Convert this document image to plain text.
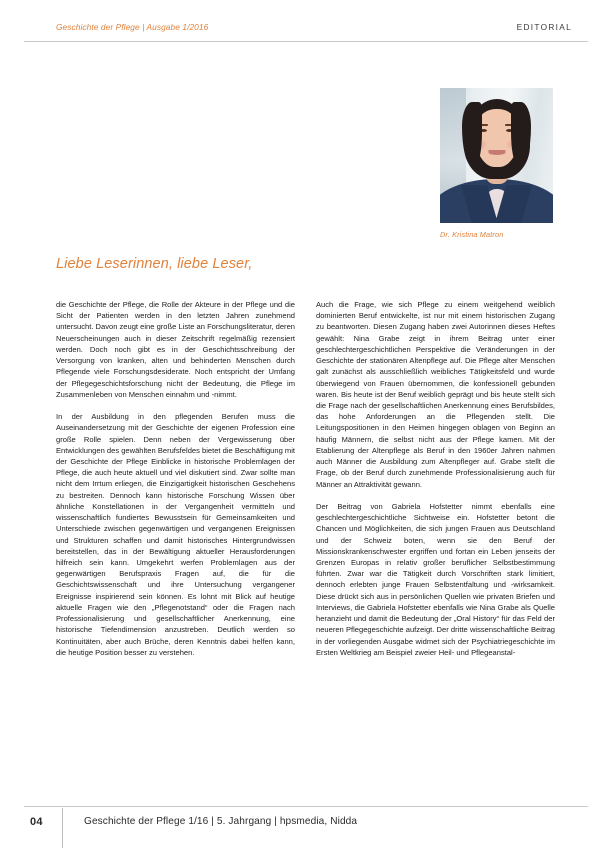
Geschichte der Pflege | Ausgabe 1/2016	EDITORIAL
Dr. Kristina Matron
Liebe Leserinnen, liebe Leser,

die Geschichte der Pflege, die Rolle der Akteure in der Pflege und die Sicht der Patienten werden in den letzten Jahren zunehmend untersucht. Davon zeugt eine große Liste an Forschungsliteratur, deren Neuerscheinungen auch in dieser Zeitschrift regelmäßig rezensiert werden. Doch noch gibt es in der Geschichtsschreibung der Versorgung von kranken, alten und behinderten Menschen durch Pflegende viele Forschungsdesiderate. Noch entspricht der Umfang der Pflegegeschichtsforschung nicht der Bedeutung, die Pflege im Zusammenleben von Menschen einnahm und -nimmt.

In der Ausbildung in den pflegenden Berufen muss die Auseinandersetzung mit der Geschichte der eigenen Profession eine große Rolle spielen. Denn neben der Vergewisserung über Entwicklungen des gewählten Berufsfeldes bietet die Beschäftigung mit der Geschichte der Pflege Einblicke in historische Problemlagen der Pflege, die auch heute aktuell und viel diskutiert sind. Zwar sollte man nicht dem Irrtum erliegen, die Einzigartigkeit historischen Geschehens zu bestreiten. Dennoch kann historische Forschung Wissen über ähnliche Konstellationen in der Vergangenheit vermitteln und wissenschaftlich fundiertes Bewusstsein für Gemeinsamkeiten und Unterschiede zwischen gegenwärtigen und vergangenen Ereignissen und Strukturen schaffen und damit historisches Hintergrundwissen bereitstellen, das in der Bewältigung aktueller Herausforderungen hilfreich sein kann. Umgekehrt werfen Problemlagen aus der gegenwärtigen Berufspraxis Fragen auf, die für die Geschichtswissenschaft und ihre Untersuchung vergangener Ereignisse inspirierend sein können. Es lohnt mit Blick auf heutige aktuelle Fragen wie den „Pflegenotstand“ oder die Fragen nach Professionalisierung und gesellschaftlicher Anerkennung, eine historische Tiefendimension anzustreben. Deutlich werden so Kontinuitäten, aber auch Brüche, deren Kenntnis dabei helfen kann, die heutige Position besser zu verstehen.

Auch die Frage, wie sich Pflege zu einem weitgehend weiblich dominierten Beruf entwickelte, ist nur mit einem historischen Zugang zu beantworten. Diesen Zugang haben zwei Autorinnen dieses Heftes gewählt: Nina Grabe zeigt in ihrem Beitrag unter einer geschlechtergeschichtlichen Perspektive die Veränderungen in der Geschichte der stationären Altenpflege auf. Die Pflege alter Menschen galt zunächst als ausschließlich weibliches Tätigkeitsfeld und wurde überwiegend von Frauen übernommen, die konfessionell gebunden waren. Bis heute ist der Beruf weiblich geprägt und bis heute stellt sich die Frage nach der gesellschaftlichen Anerkennung eines Berufsbildes, das hohe Anforderungen an die Pflegenden stellt. Die Leitungspositionen in den Heimen hingegen oblagen von Beginn an häufig Männern, die selbst nicht aus der Pflege kamen. Mit der Etablierung der Altenpflege als Beruf in den 1960er Jahren nahmen auch Männer die Ausbildung zum Altenpfleger auf. Grabe stellt die Frage, ob der Beruf durch zunehmende Professionalisierung auch für Männer an Attraktivität gewann.

Der Beitrag von Gabriela Hofstetter nimmt ebenfalls eine geschlechtergeschichtliche Sichtweise ein. Hofstetter betont die Chancen und Möglichkeiten, die sich jungen Frauen aus Deutschland und der Schweiz boten, wenn sie den Beruf der Missionskrankenschwester ergriffen und fortan ein Leben jenseits der Grenzen Europas in relativ großer beruflicher Selbstbestimmung führten. Zwar war die Tätigkeit durch Vorschriften stark limitiert, dennoch erlebten junge Frauen Selbstentfaltung und -wirksamkeit. Diese drückt sich aus in persönlichen Quellen wie privaten Briefen und Interviews, die Gabriela Hofstetter ebenfalls wie Nina Grabe als Quelle heranzieht und damit die Bedeutung der „Oral History“ für das Feld der neueren Pflegegeschichte aufzeigt. Der dritte wissenschaftliche Beitrag in der vorliegenden Ausgabe widmet sich der Psychiatriegeschichte im Ersten Weltkrieg am Beispiel zweier Heil- und Pflegeanstal-

04	Geschichte der Pflege 1/16 | 5. Jahrgang | hpsmedia, Nidda
